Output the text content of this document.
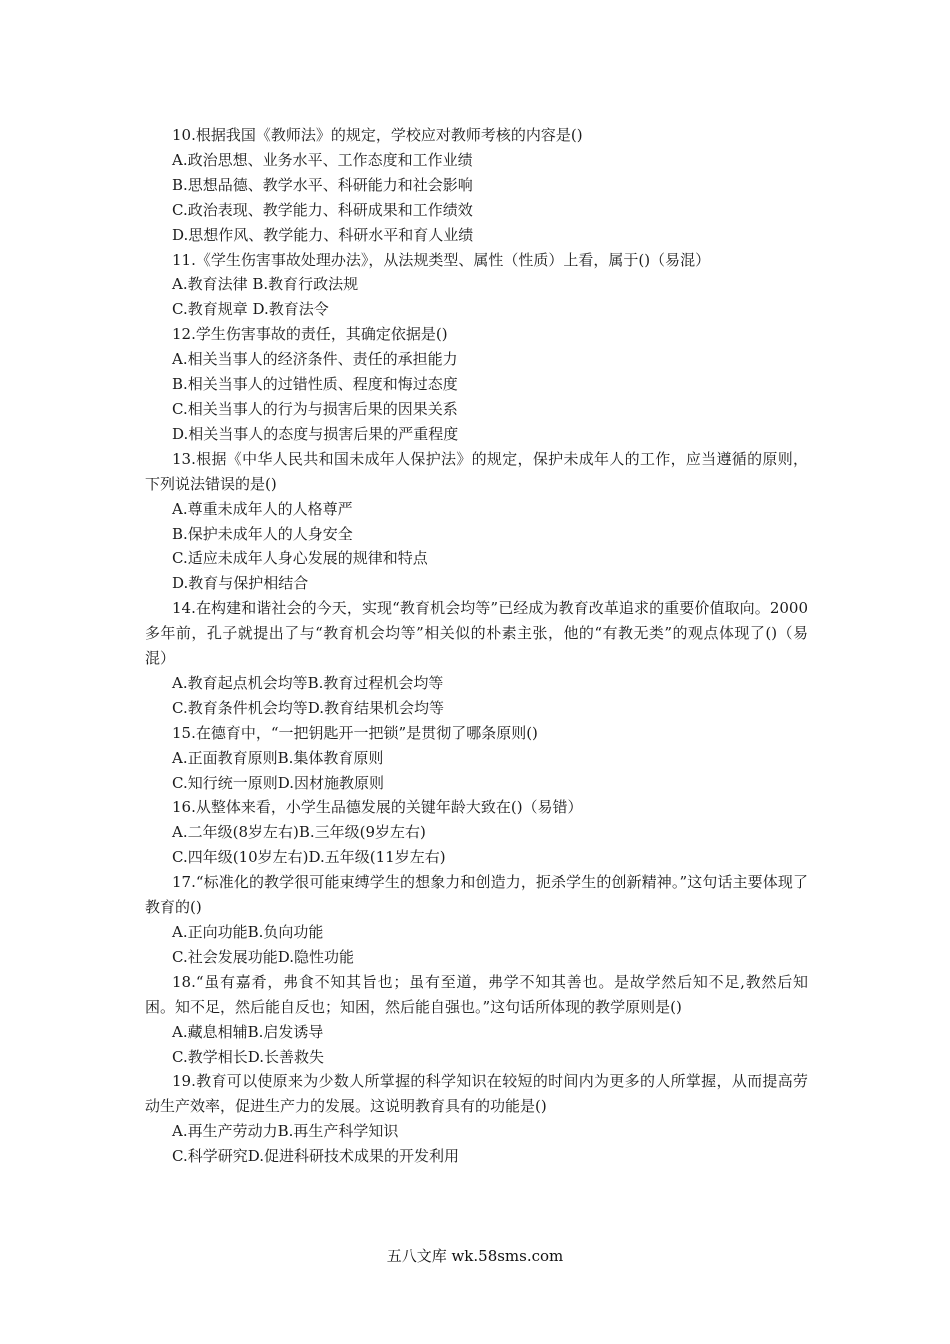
10.根据我国《教师法》的规定，学校应对教师考核的内容是()

A.政治思想、业务水平、工作态度和工作业绩

B.思想品德、教学水平、科研能力和社会影响

C.政治表现、教学能力、科研成果和工作绩效

D.思想作风、教学能力、科研水平和育人业绩

11.《学生伤害事故处理办法》，从法规类型、属性（性质）上看，属于()（易混）

A.教育法律 B.教育行政法规

C.教育规章 D.教育法令

12.学生伤害事故的责任，其确定依据是()

A.相关当事人的经济条件、责任的承担能力

B.相关当事人的过错性质、程度和悔过态度

C.相关当事人的行为与损害后果的因果关系

D.相关当事人的态度与损害后果的严重程度

13.根据《中华人民共和国未成年人保护法》的规定，保护未成年人的工作，应当遵循的原则，下列说法错误的是()

A.尊重未成年人的人格尊严

B.保护未成年人的人身安全

C.适应未成年人身心发展的规律和特点

D.教育与保护相结合

14.在构建和谐社会的今天，实现“教育机会均等”已经成为教育改革追求的重要价值取向。2000多年前，孔子就提出了与“教育机会均等”相关似的朴素主张，他的“有教无类”的观点体现了()（易混）

A.教育起点机会均等B.教育过程机会均等

C.教育条件机会均等D.教育结果机会均等

15.在德育中，“一把钥匙开一把锁”是贯彻了哪条原则()

A.正面教育原则B.集体教育原则

C.知行统一原则D.因材施教原则

16.从整体来看，小学生品德发展的关键年龄大致在()（易错）

A.二年级(8岁左右)B.三年级(9岁左右)

C.四年级(10岁左右)D.五年级(11岁左右)

17.“标准化的教学很可能束缚学生的想象力和创造力，扼杀学生的创新精神。”这句话主要体现了教育的()

A.正向功能B.负向功能

C.社会发展功能D.隐性功能

18.“虽有嘉肴，弗食不知其旨也；虽有至道，弗学不知其善也。是故学然后知不足,教然后知困。知不足，然后能自反也；知困，然后能自强也。”这句话所体现的教学原则是()

A.藏息相辅B.启发诱导

C.教学相长D.长善救失

19.教育可以使原来为少数人所掌握的科学知识在较短的时间内为更多的人所掌握，从而提高劳动生产效率，促进生产力的发展。这说明教育具有的功能是()

A.再生产劳动力B.再生产科学知识

C.科学研究D.促进科研技术成果的开发利用

五八文库 wk.58sms.com
